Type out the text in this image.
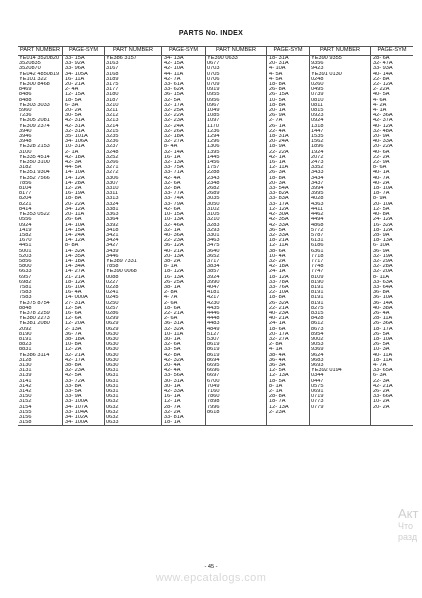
PARTS No. INDEX
PART NUMBER	PAGE-SYM	PART NUMBER	PAGE-SYM	PART NUMBER	PAGE-SYM	PART NUMBER	PAGE-SYM
YE014 3520820	33- 15A	YE386 3157	34- 13A	YE390 0633	18- 31A	YE390 9355	28- 6A
3520835	33- 92A	3163	42- 15A	0677	20- 31A	9356	32- 47A
3520870	33- 96A	3167	42- 10A	0703	4- 10A	9423	33- 93A
YE042 4850819	34- 105A	3168	44- 11A	0705	4- 5A	YE391 0130	40- 14A
YE101 322	16- 11A	3189	42- 7A	0706	4- 5A	0248	22- 8A
YE300 8468	20- 21A	3175	33- 61A	0709	18- 8A	0260	22- 12A
8469	2- 4A	3177	33- 62A	0919	26- 8A	0495	2- 22A
8486	12- 15A	3180	36- 15A	0955	26- 15A	0739	40- 5A
8488	18- 5A	3187	32- 5A	0956	10- 5A	0810	4- 6A
YE303 3033	6- 3A	3210	32- 17A	0967	18- 8A	0811	4- 2A
5960	20- 2A	3211	32- 25A	1049	20- 1A	0815	4- 1A
7236	30- 5A	3212	32- 22A	1085	26- 9A	0923	42- 36A
YE305 2081	42- 31A	3213	32- 23A	1097	2- 7A	0924	42- 37A
YE309 2374	42- 31A	3214	32- 24A	1170	26- 1A	1318	40- 12A
3940	32- 31A	3215	32- 26A	1236	22- 4A	1447	32- 48A
3946	35- 101A	3235	32- 18A	1294	18- 31A	1535	20- 9A
3948	34- 106A	3236	32- 27A	1296	20- 24A	1562	40- 33A
YE328 2153	10- 31A	3237	8- 4A	1306	18- 9A	1896	20- 22A
3100	2- 1A	3248	32- 14A	1395	22- 22A	1924	40- 6A
YE335 4514	42- 18A	3252	16- 1A	1445	42- 1A	2072	22- 2A
YE350 3100	42- 3A	3266	32- 13A	1456	16- 1A	2473	22- 9A
3182	44- 5A	3271	33- 75A	1757	12- 11A	3352	8- 6A
YE351 9304	14- 10A	3272	33- 71A	2288	26- 3A	3433	40- 1A
YE352 7566	14- 12A	3306	42- 4A	2343	18- 8A	3434	40- 7A
7856	14- 28A	3307	32- 6A	2348	20- 3A	3437	40- 2A
8104	12- 2A	3310	32- 8A	2682	33- 54A	3994	18- 10A
8177	16- 19A	3311	33- 77A	2689	33- 82A	3995	18- 7A
8204	18- 8A	3313	33- 74A	3035	33- 83A	4028	8- 9A
8221	20- 22A	3324	33- 79A	3050	33- 17A	4363	20- 10A
8414	34- 12A	3381	42- 6A	3102	12- 12A	4411	12- 5A
YE353 0522	20- 11A	3363	10- 15A	3105	42- 30A	4462	40- 8A
0556	26- 6A	3364	10- 13A	3210	42- 35A	4494	24- 12A
0924	14- 10A	3392	32- 46A	3283	42- 33A	4868	16- 32A
1419	14- 15A	3418	32- 1A	3293	36- 5A	5772	18- 12A
1582	14- 24A	3421	40- 36A	3301	32- 33A	5787	28- 9A
1670	14- 12A	3424	22- 23A	3463	18- 21A	6131	18- 13A
4451	8- 8A	3427	36- 12A	3475	12- 11A	6186	6- 10A
5001	14- 32A	3439	40- 21A	3640	38- 6A	6361	36- 9A
5203	14- 35A	3446	20- 13A	3652	10- 4A	7718	32- 19A
5856	14- 18A	YE389 7331	38- 2A	3717	32- 2A	7717	32- 29A
5800	14- 34A	7858	8- 1A	3834	42- 18A	7748	32- 28A
6633	14- 27A	YE390 0068	18- 12A	3857	24- 1A	7747	32- 20A
6957	21- 21A	0088	16- 13A	3924	18- 12A	8109	8- 11A
6982	18- 12A	0227	26- 25A	3990	33- 78A	8190	33- 63A
7581	16- 10A	0228	38- 1A	4047	33- 76A	8191	33- 64A
7583	16- 4A	0241	2- 8A	4181	22- 10A	8191	36- 8A
7583	14- 000A	0245	4- 7A	4217	18- 8A	8191	36- 10A
YE375 8754	27- 31A	0250	2- 6A	4230	26- 32A	8191	36- 14A
8848	12- 5A	0257	18- 6A	4435	22- 21A	8275	40- 38A
YE378 2259	16- 6A	0286	22- 21A	4446	40- 23A	8315	26- 4A
YE380 2273	12- 6A	0299	2- 6A	4448	40- 21A	8428	28- 11A
YE381 2080	12- 20A	0629	36- 31A	4483	24- 1A	8612	26- 36A
2092	2- 13A	0629	32- 32A	4849	18- 6A	8673	18- 17A
8190	36- 7A	0630	10- 11A	5127	20- 17A	8954	26- 5A
8191	38- 18A	0630	30- 1A	5307	32- 27A	9002	18- 10A
8823	10- 8A	0630	32- 6A	8619	2- 8A	9053	26- 5A
8831	12- 2A	0630	33- 5A	8619	4- 1A	9369	10- 3A
YE386 3114	32- 21A	0630	42- 8A	8619	38- 4A	9624	40- 11A
3128	42- 17A	0630	42- 32A	8694	36- 4A	9683	18- 11A
3130	38- 8A	0630	20- 4A	6695	36- 3A	9693	4- 7A
3131	32- 23A	0631	42- 4A	6696	12- 5A	YE392 0194	33- 65A
3139	42- 5A	0631	33- 56A	6697	12- 13A	0344	6- 3A
3141	33- 72A	0631	30- 31A	6700	18- 5A	0447	22- 3A
3142	33- 8A	0631	30- 1A	7049	8- 1A	0575	42- 21A
3142	33- 5A	0631	42- 33A	7160	2- 1A	0691	26- 2A
3150	33- 9A	0631	16- 1A	7860	28- 8A	0719	33- 66A
3152	33- 100A	0632	12- 1A	7898	18- 7A	0773	10- 2A
3154	34- 107A	0632	28- 7A	7996	12- 13A	0779	20- 2A
3155	33- 104A	0632	32- 2A	8618	2- 23A		
3156	34- 102A	0632	33- 81A				
3158	34- 100A	0633	18- 1A				
- 45 -
www.epcatalogs.com
Акт
Что
разд
